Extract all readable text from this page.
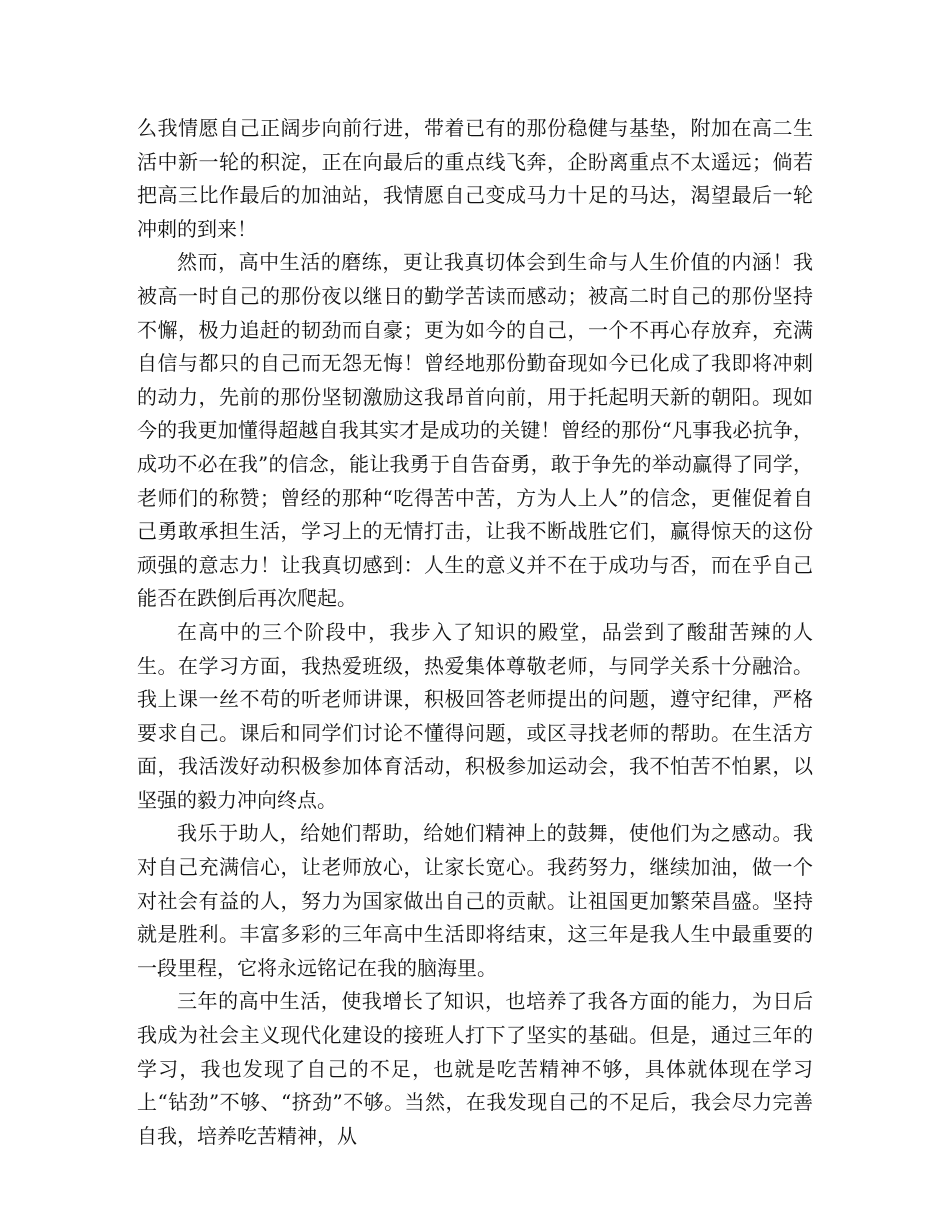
么我情愿自己正阔步向前行进，带着已有的那份稳健与基垫，附加在高二生活中新一轮的积淀，正在向最后的重点线飞奔，企盼离重点不太遥远；倘若把高三比作最后的加油站，我情愿自己变成马力十足的马达，渴望最后一轮冲刺的到来！

然而，高中生活的磨练，更让我真切体会到生命与人生价值的内涵！我被高一时自己的那份夜以继日的勤学苦读而感动；被高二时自己的那份坚持不懈，极力追赶的韧劲而自豪；更为如今的自己，一个不再心存放弃，充满自信与都只的自己而无怨无悔！曾经地那份勤奋现如今已化成了我即将冲刺的动力，先前的那份坚韧激励这我昂首向前，用于托起明天新的朝阳。现如今的我更加懂得超越自我其实才是成功的关键！曾经的那份“凡事我必抗争，成功不必在我”的信念，能让我勇于自告奋勇，敢于争先的举动赢得了同学，老师们的称赞；曾经的那种“吃得苦中苦，方为人上人”的信念，更催促着自己勇敢承担生活，学习上的无情打击，让我不断战胜它们，赢得惊天的这份顽强的意志力！让我真切感到：人生的意义并不在于成功与否，而在乎自己能否在跌倒后再次爬起。

在高中的三个阶段中，我步入了知识的殿堂，品尝到了酸甜苦辣的人生。在学习方面，我热爱班级，热爱集体尊敬老师，与同学关系十分融洽。我上课一丝不苟的听老师讲课，积极回答老师提出的问题，遵守纪律，严格要求自己。课后和同学们讨论不懂得问题，或区寻找老师的帮助。在生活方面，我活泼好动积极参加体育活动，积极参加运动会，我不怕苦不怕累，以坚强的毅力冲向终点。

我乐于助人，给她们帮助，给她们精神上的鼓舞，使他们为之感动。我对自己充满信心，让老师放心，让家长宽心。我药努力，继续加油，做一个对社会有益的人，努力为国家做出自己的贡献。让祖国更加繁荣昌盛。坚持就是胜利。丰富多彩的三年高中生活即将结束，这三年是我人生中最重要的一段里程，它将永远铭记在我的脑海里。

三年的高中生活，使我增长了知识，也培养了我各方面的能力，为日后我成为社会主义现代化建设的接班人打下了坚实的基础。但是，通过三年的学习，我也发现了自己的不足，也就是吃苦精神不够，具体就体现在学习上“钻劲”不够、“挤劲”不够。当然，在我发现自己的不足后，我会尽力完善自我，培养吃苦精神，从
